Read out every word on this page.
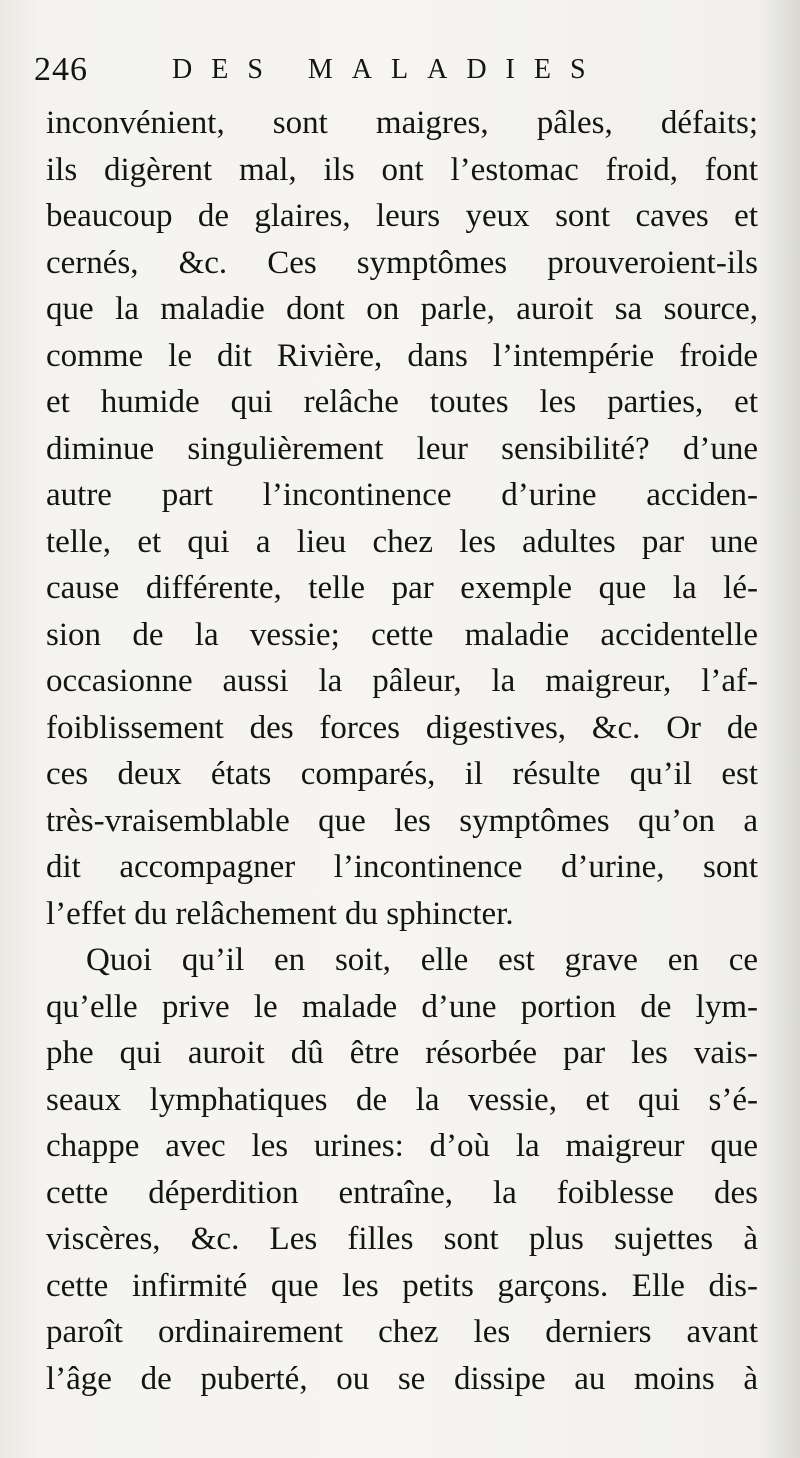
246	DES MALADIES
inconvénient, sont maigres, pâles, défaits;
ils digèrent mal, ils ont l’estomac froid, font
beaucoup de glaires, leurs yeux sont caves et
cernés, &c. Ces symptômes prouveroient-ils
que la maladie dont on parle, auroit sa source,
comme le dit Rivière, dans l’intempérie froide
et humide qui relâche toutes les parties, et
diminue singulièrement leur sensibilité? d’une
autre part l’incontinence d’urine acciden-
telle, et qui a lieu chez les adultes par une
cause différente, telle par exemple que la lé-
sion de la vessie; cette maladie accidentelle
occasionne aussi la pâleur, la maigreur, l’af-
foiblissement des forces digestives, &c. Or de
ces deux états comparés, il résulte qu’il est
très-vraisemblable que les symptômes qu’on a
dit accompagner l’incontinence d’urine, sont
l’effet du relâchement du sphincter.
Quoi qu’il en soit, elle est grave en ce
qu’elle prive le malade d’une portion de lym-
phe qui auroit dû être résorbée par les vais-
seaux lymphatiques de la vessie, et qui s’é-
chappe avec les urines: d’où la maigreur que
cette déperdition entraîne, la foiblesse des
viscères, &c. Les filles sont plus sujettes à
cette infirmité que les petits garçons. Elle dis-
paroît ordinairement chez les derniers avant
l’âge de puberté, ou se dissipe au moins à
